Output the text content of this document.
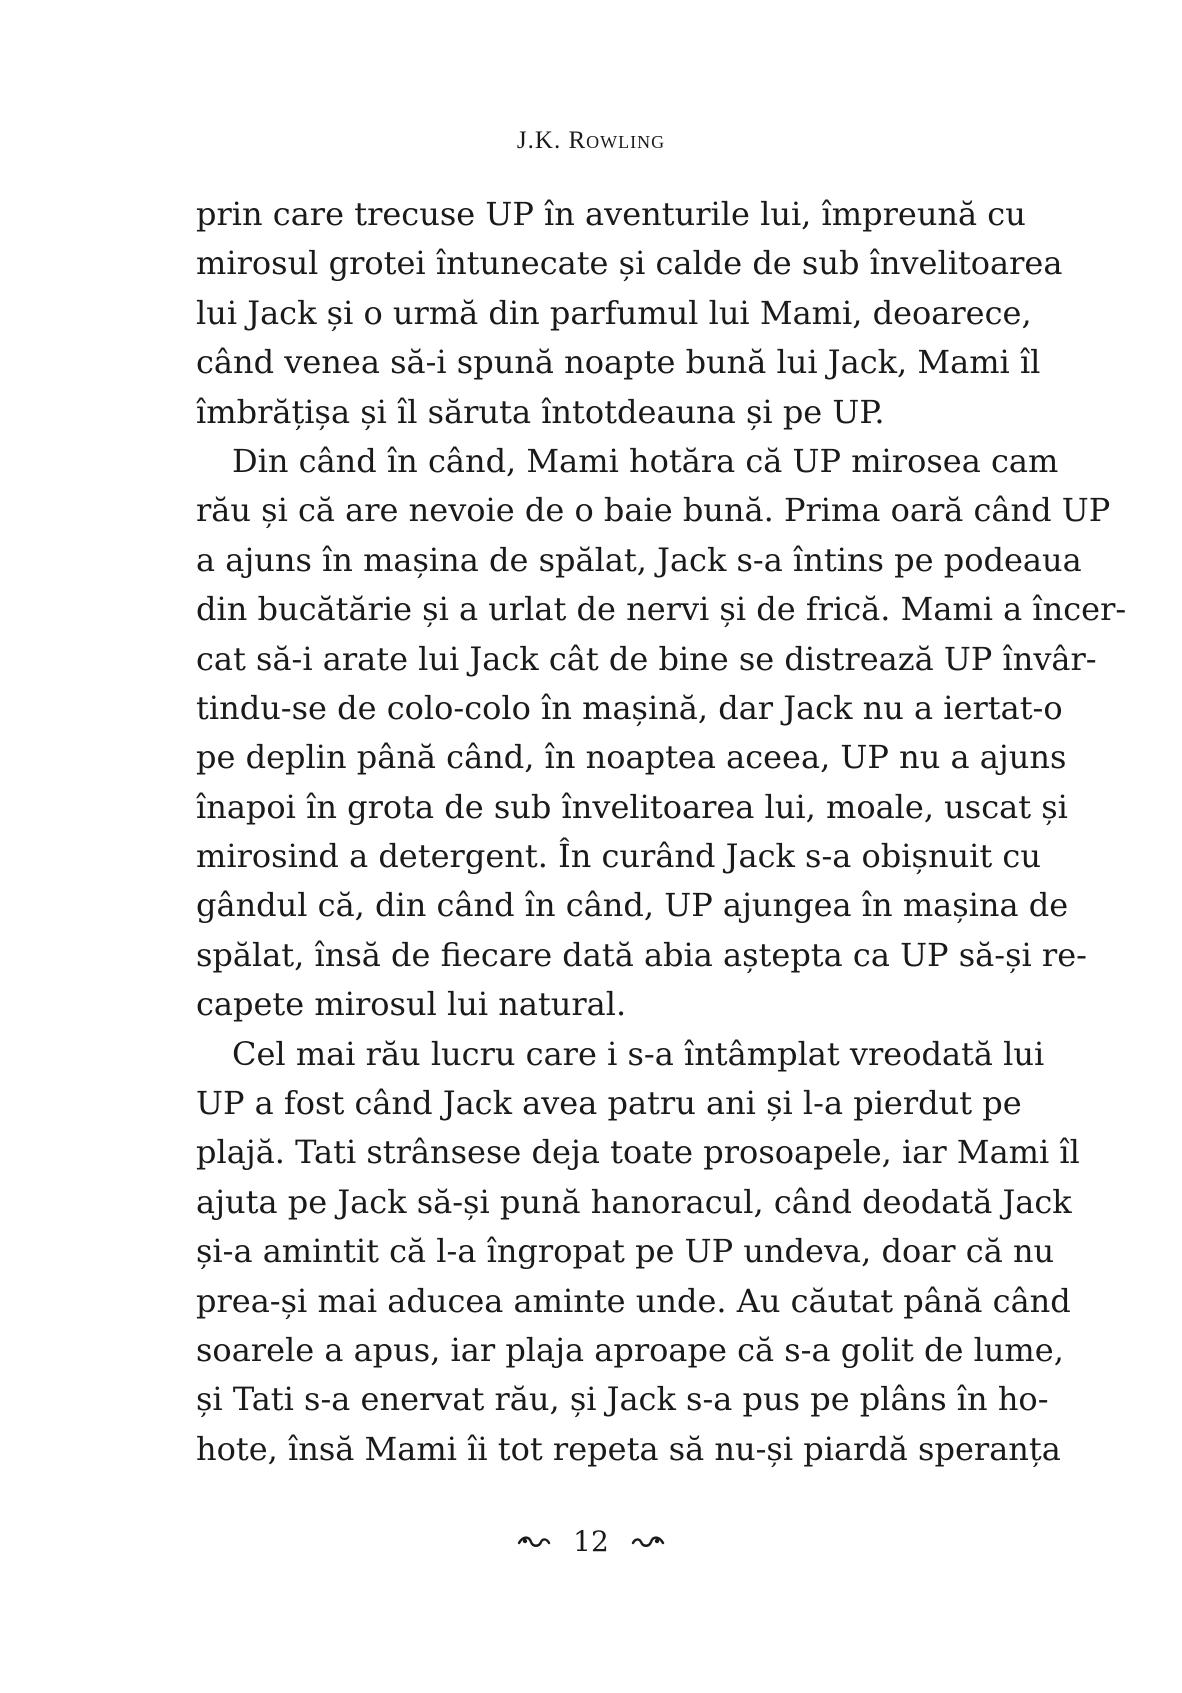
J.K. Rowling
prin care trecuse UP în aventurile lui, împreună cu
mirosul grotei întunecate și calde de sub învelitoarea
lui Jack și o urmă din parfumul lui Mami, deoarece,
când venea să-i spună noapte bună lui Jack, Mami îl
îmbrățișa și îl săruta întotdeauna și pe UP.
Din când în când, Mami hotăra că UP mirosea cam
rău și că are nevoie de o baie bună. Prima oară când UP
a ajuns în mașina de spălat, Jack s-a întins pe podeaua
din bucătărie și a urlat de nervi și de frică. Mami a încer-
cat să-i arate lui Jack cât de bine se distrează UP învâr-
tindu-se de colo-colo în mașină, dar Jack nu a iertat-o
pe deplin până când, în noaptea aceea, UP nu a ajuns
înapoi în grota de sub învelitoarea lui, moale, uscat și
mirosind a detergent. În curând Jack s-a obișnuit cu
gândul că, din când în când, UP ajungea în mașina de
spălat, însă de fiecare dată abia aștepta ca UP să-și re-
capete mirosul lui natural.
Cel mai rău lucru care i s-a întâmplat vreodată lui
UP a fost când Jack avea patru ani și l-a pierdut pe
plajă. Tati strânsese deja toate prosoapele, iar Mami îl
ajuta pe Jack să-și pună hanoracul, când deodată Jack
și-a amintit că l-a îngropat pe UP undeva, doar că nu
prea-și mai aducea aminte unde. Au căutat până când
soarele a apus, iar plaja aproape că s-a golit de lume,
și Tati s-a enervat rău, și Jack s-a pus pe plâns în ho-
hote, însă Mami îi tot repeta să nu-și piardă speranța
12
